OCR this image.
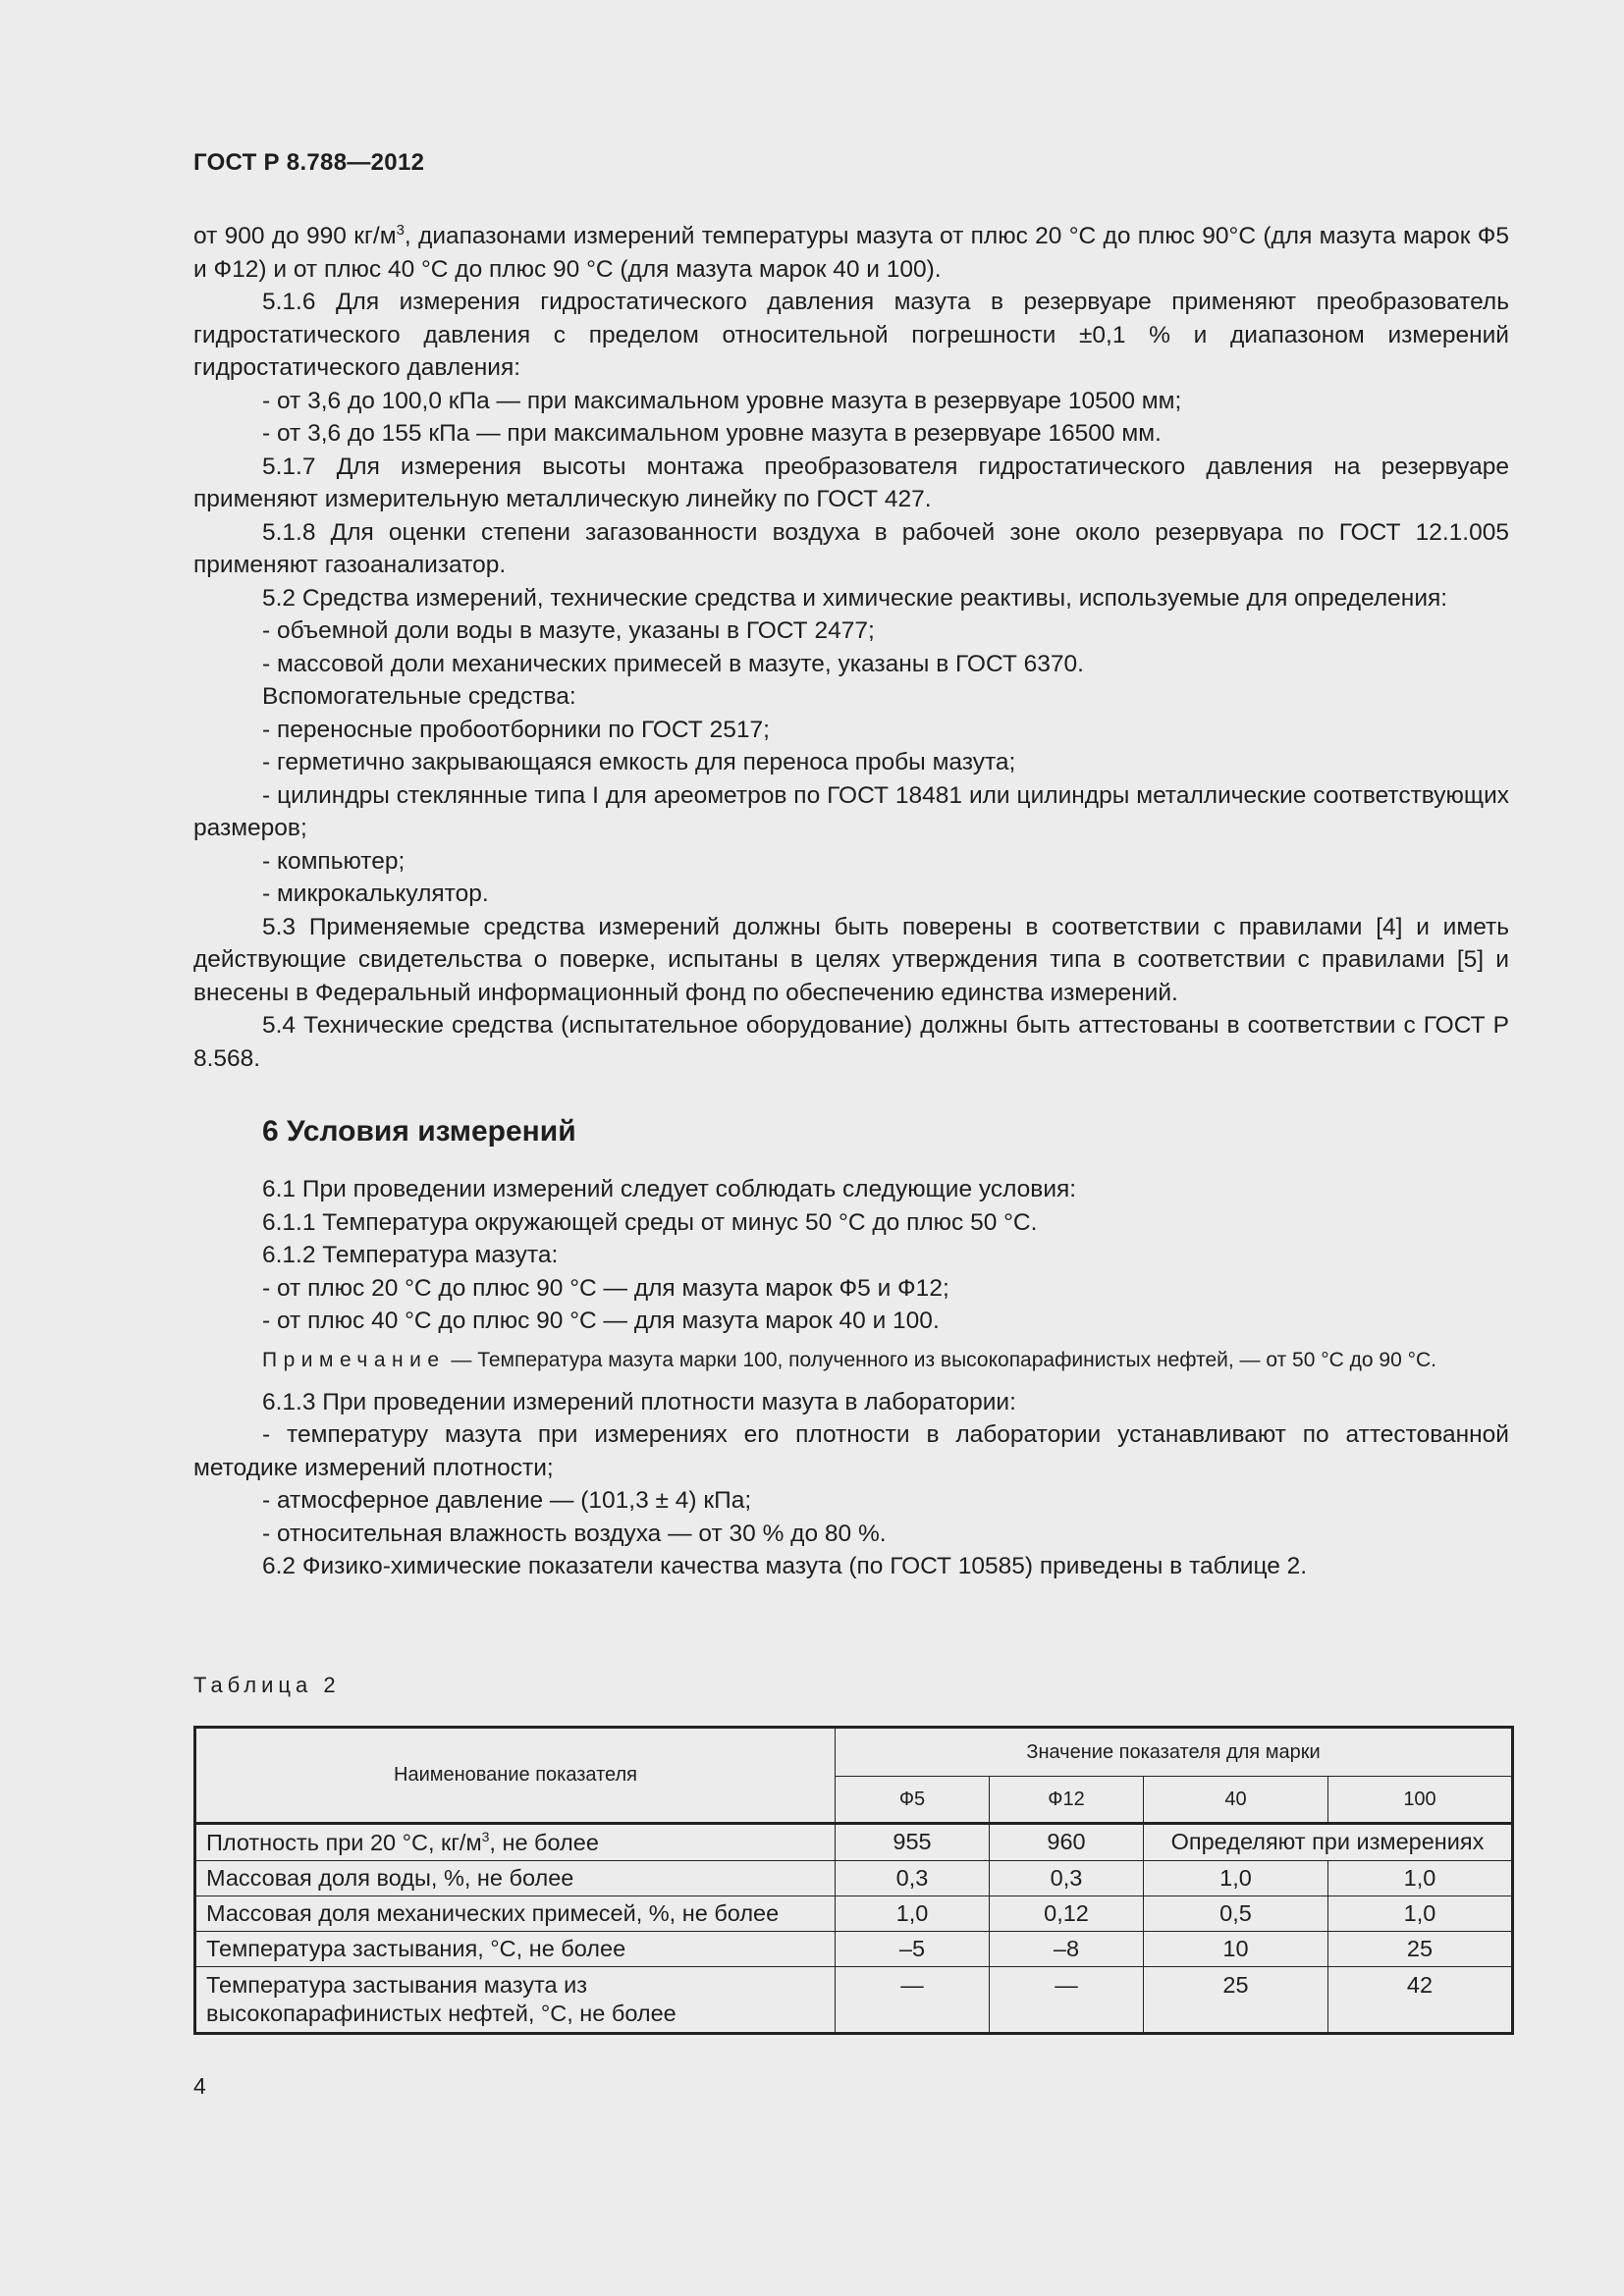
ГОСТ Р 8.788—2012

от 900 до 990 $кг/м^3$, диапазонами измерений температуры мазута от плюс 20 °С до плюс 90°С (для мазута марок Ф5 и Ф12) и от плюс 40 °С до плюс 90 °С (для мазута марок 40 и 100).

5.1.6 Для измерения гидростатического давления мазута в резервуаре применяют преобразователь гидростатического давления с пределом относительной погрешности ±0,1 % и диапазоном измерений гидростатического давления:

- от 3,6 до 100,0 кПа — при максимальном уровне мазута в резервуаре 10500 мм;

- от 3,6 до 155 кПа — при максимальном уровне мазута в резервуаре 16500 мм.

5.1.7 Для измерения высоты монтажа преобразователя гидростатического давления на резервуаре применяют измерительную металлическую линейку по ГОСТ 427.

5.1.8 Для оценки степени загазованности воздуха в рабочей зоне около резервуара по ГОСТ 12.1.005 применяют газоанализатор.

5.2 Средства измерений, технические средства и химические реактивы, используемые для определения:

- объемной доли воды в мазуте, указаны в ГОСТ 2477;

- массовой доли механических примесей в мазуте, указаны в ГОСТ 6370.

Вспомогательные средства:

- переносные пробоотборники по ГОСТ 2517;

- герметично закрывающаяся емкость для переноса пробы мазута;

- цилиндры стеклянные типа I для ареометров по ГОСТ 18481 или цилиндры металлические соответствующих размеров;

- компьютер;

- микрокалькулятор.

5.3 Применяемые средства измерений должны быть поверены в соответствии с правилами [4] и иметь действующие свидетельства о поверке, испытаны в целях утверждения типа в соответствии с правилами [5] и внесены в Федеральный информационный фонд по обеспечению единства измерений.

5.4 Технические средства (испытательное оборудование) должны быть аттестованы в соответствии с ГОСТ Р 8.568.

6 Условия измерений

6.1 При проведении измерений следует соблюдать следующие условия:

6.1.1 Температура окружающей среды от минус 50 °С до плюс 50 °С.

6.1.2 Температура мазута:

- от плюс 20 °С до плюс 90 °С — для мазута марок Ф5 и Ф12;

- от плюс 40 °С до плюс 90 °С — для мазута марок 40 и 100.

Примечание — Температура мазута марки 100, полученного из высокопарафинистых нефтей, — от 50 °С до 90 °С.

6.1.3 При проведении измерений плотности мазута в лаборатории:

- температуру мазута при измерениях его плотности в лаборатории устанавливают по аттестованной методике измерений плотности;

- атмосферное давление — (101,3 ± 4) кПа;

- относительная влажность воздуха — от 30 % до 80 %.

6.2 Физико-химические показатели качества мазута (по ГОСТ 10585) приведены в таблице 2.

Таблица 2
Наименование показателя	Значение показателя для марки			
	Ф5	Ф12	40	100
Плотность при 20 °С, $кг/м^3$, не более	955	960	Определяют при измерениях	
Массовая доля воды, %, не более	0,3	0,3	1,0	1,0
Массовая доля механических примесей, %, не более	1,0	0,12	0,5	1,0
Температура застывания, °С, не более	–5	–8	10	25
Температура застывания мазута из высокопарафинистых нефтей, °С, не более	—	—	25	42
4
